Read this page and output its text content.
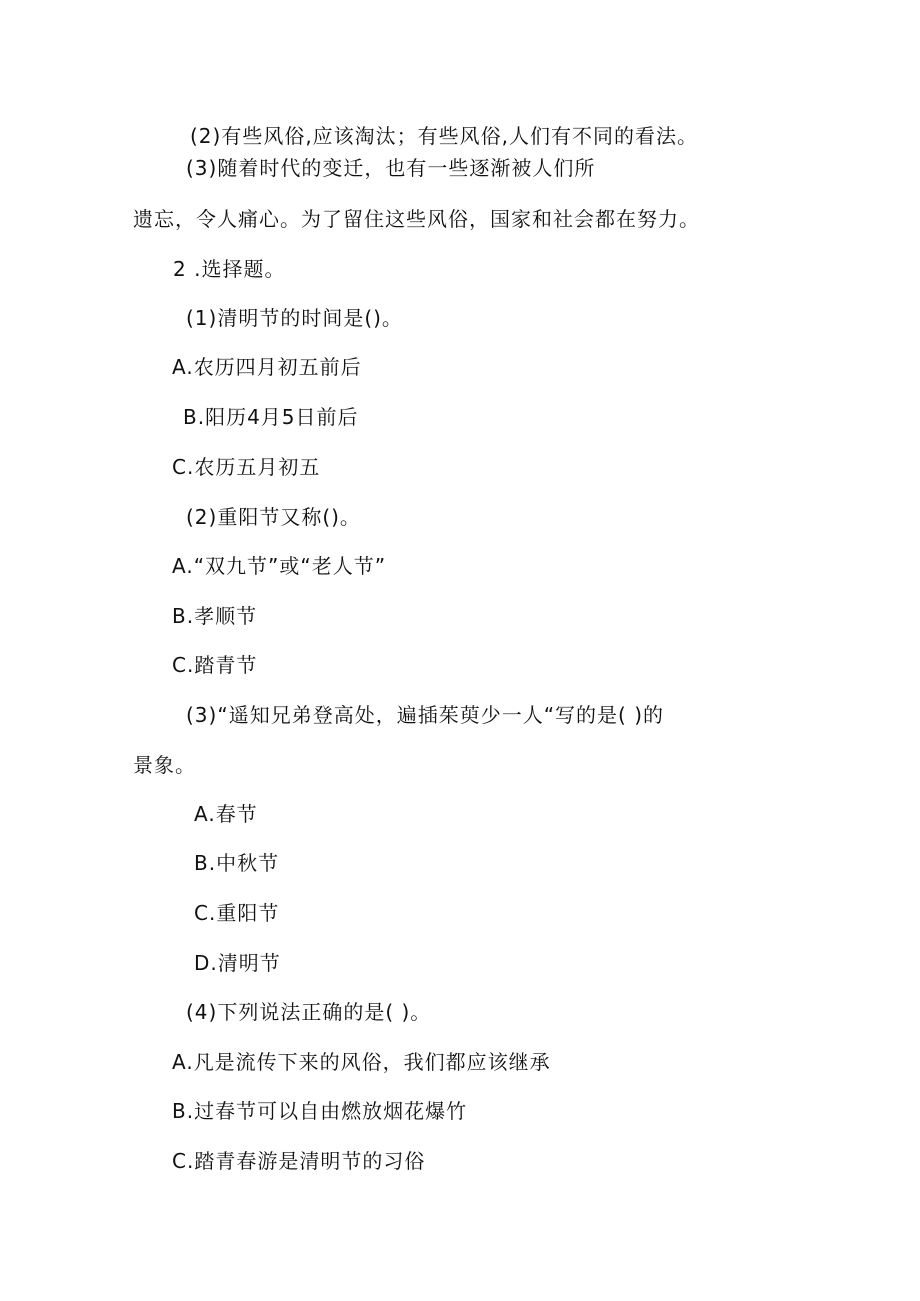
(2)有些风俗,应该淘汰；有些风俗,人们有不同的看法。
(3)随着时代的变迁，也有一些逐渐被人们所
遗忘，令人痛心。为了留住这些风俗，国家和社会都在努力。
2 .选择题。
(1)清明节的时间是()。
A.农历四月初五前后
B.阳历4月5日前后
C.农历五月初五
(2)重阳节又称()。
A.“双九节”或“老人节”
B.孝顺节
C.踏青节
(3)“遥知兄弟登高处，遍插茱萸少一人“写的是( )的
景象。
A.春节
B.中秋节
C.重阳节
D.清明节
(4)下列说法正确的是( )。
A.凡是流传下来的风俗，我们都应该继承
B.过春节可以自由燃放烟花爆竹
C.踏青春游是清明节的习俗
